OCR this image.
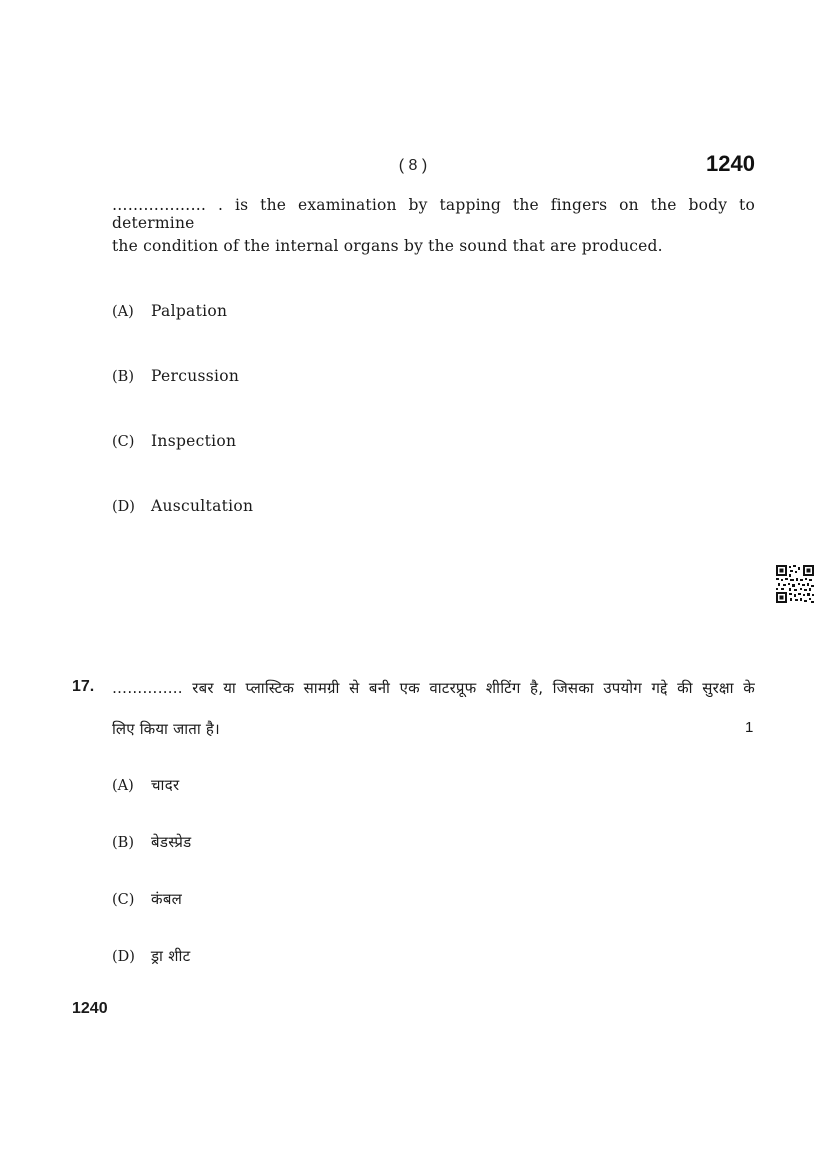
( 8 )	1240
……………… . is the examination by tapping the fingers on the body to determine
the condition of the internal organs by the sound that are produced.
(A) Palpation
(B) Percussion
(C) Inspection
(D) Auscultation
17. ………….. रबर या प्लास्टिक सामग्री से बनी एक वाटरप्रूफ शीटिंग है, जिसका उपयोग गद्दे की सुरक्षा के
लिए किया जाता है।	1
(A) चादर
(B) बेडस्प्रेड
(C) कंबल
(D) ड्रा शीट
1240
